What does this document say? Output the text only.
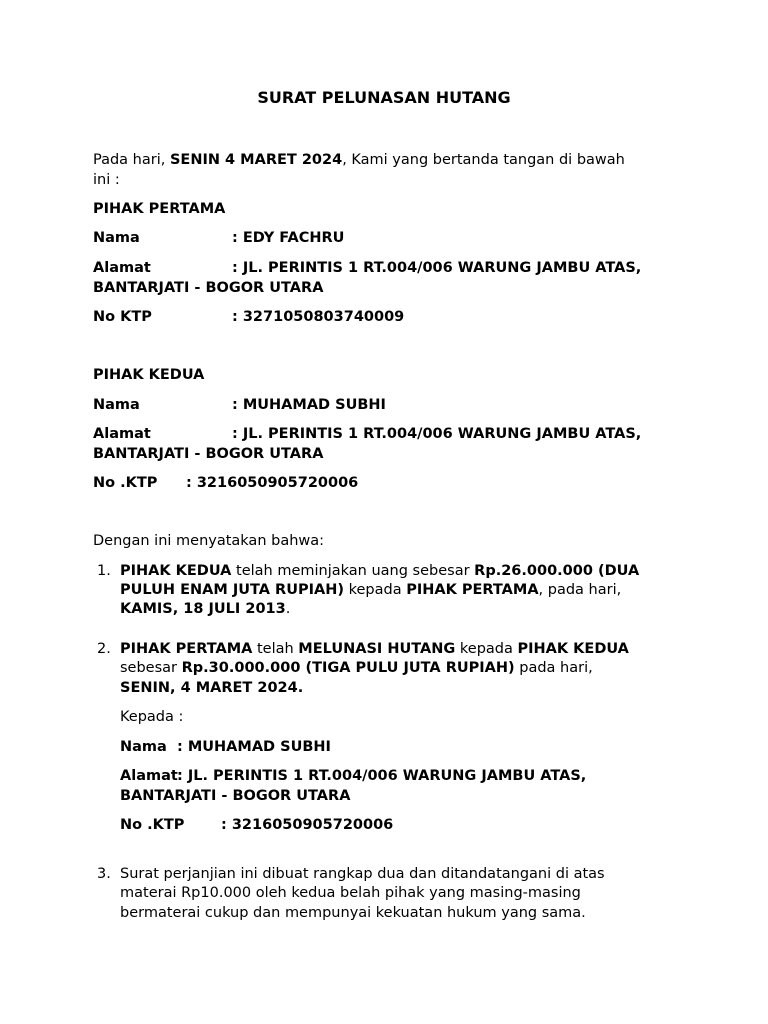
SURAT PELUNASAN HUTANG
Pada hari, SENIN 4 MARET 2024, Kami yang bertanda tangan di bawah
ini :
PIHAK PERTAMA
Nama	: EDY FACHRU
Alamat	: JL. PERINTIS 1 RT.004/006 WARUNG JAMBU ATAS,
BANTARJATI - BOGOR UTARA
No KTP	: 3271050803740009
PIHAK KEDUA
Nama	: MUHAMAD SUBHI
Alamat	: JL. PERINTIS 1 RT.004/006 WARUNG JAMBU ATAS,
BANTARJATI - BOGOR UTARA
No .KTP : 3216050905720006
Dengan ini menyatakan bahwa:
1. PIHAK KEDUA telah meminjakan uang sebesar Rp.26.000.000 (DUA
PULUH ENAM JUTA RUPIAH) kepada PIHAK PERTAMA, pada hari,
KAMIS, 18 JULI 2013.
2. PIHAK PERTAMA telah MELUNASI HUTANG kepada PIHAK KEDUA
sebesar Rp.30.000.000 (TIGA PULU JUTA RUPIAH) pada hari,
SENIN, 4 MARET 2024.
Kepada :
Nama : MUHAMAD SUBHI
Alamat: JL. PERINTIS 1 RT.004/006 WARUNG JAMBU ATAS,
BANTARJATI - BOGOR UTARA
No .KTP	: 3216050905720006
3. Surat perjanjian ini dibuat rangkap dua dan ditandatangani di atas
materai Rp10.000 oleh kedua belah pihak yang masing-masing
bermaterai cukup dan mempunyai kekuatan hukum yang sama.
